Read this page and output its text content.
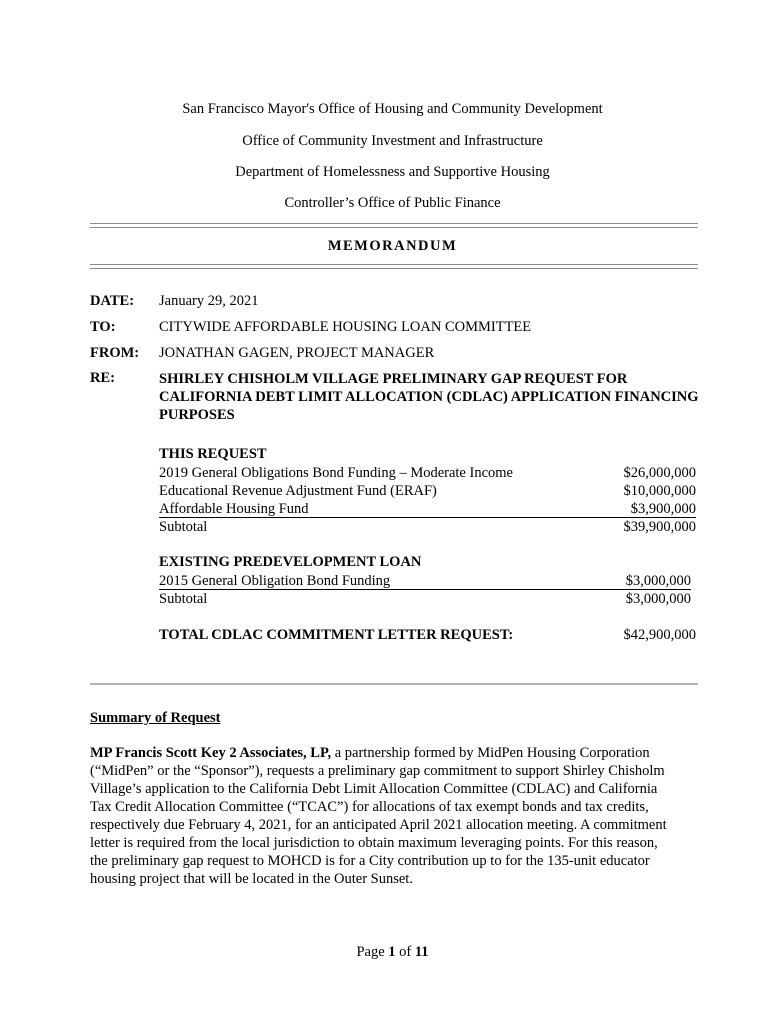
San Francisco Mayor's Office of Housing and Community Development
Office of Community Investment and Infrastructure
Department of Homelessness and Supportive Housing
Controller’s Office of Public Finance
MEMORANDUM
DATE: January 29, 2021
TO:	CITYWIDE AFFORDABLE HOUSING LOAN COMMITTEE
FROM: JONATHAN GAGEN, PROJECT MANAGER
RE:	SHIRLEY CHISHOLM VILLAGE PRELIMINARY GAP REQUEST FOR CALIFORNIA DEBT LIMIT ALLOCATION (CDLAC) APPLICATION FINANCING PURPOSES
THIS REQUEST
2019 General Obligations Bond Funding – Moderate Income	$26,000,000
Educational Revenue Adjustment Fund (ERAF)	$10,000,000
Affordable Housing Fund	$3,900,000
Subtotal	$39,900,000
EXISTING PREDEVELOPMENT LOAN
2015 General Obligation Bond Funding	$3,000,000
Subtotal	$3,000,000
TOTAL CDLAC COMMITMENT LETTER REQUEST:	$42,900,000
Summary of Request
MP Francis Scott Key 2 Associates, LP, a partnership formed by MidPen Housing Corporation
(“MidPen” or the “Sponsor”), requests a preliminary gap commitment to support Shirley Chisholm
Village’s application to the California Debt Limit Allocation Committee (CDLAC) and California
Tax Credit Allocation Committee (“TCAC”) for allocations of tax exempt bonds and tax credits,
respectively due February 4, 2021, for an anticipated April 2021 allocation meeting. A commitment
letter is required from the local jurisdiction to obtain maximum leveraging points. For this reason,
the preliminary gap request to MOHCD is for a City contribution up to for the 135-unit educator
housing project that will be located in the Outer Sunset.
Page 1 of 11
